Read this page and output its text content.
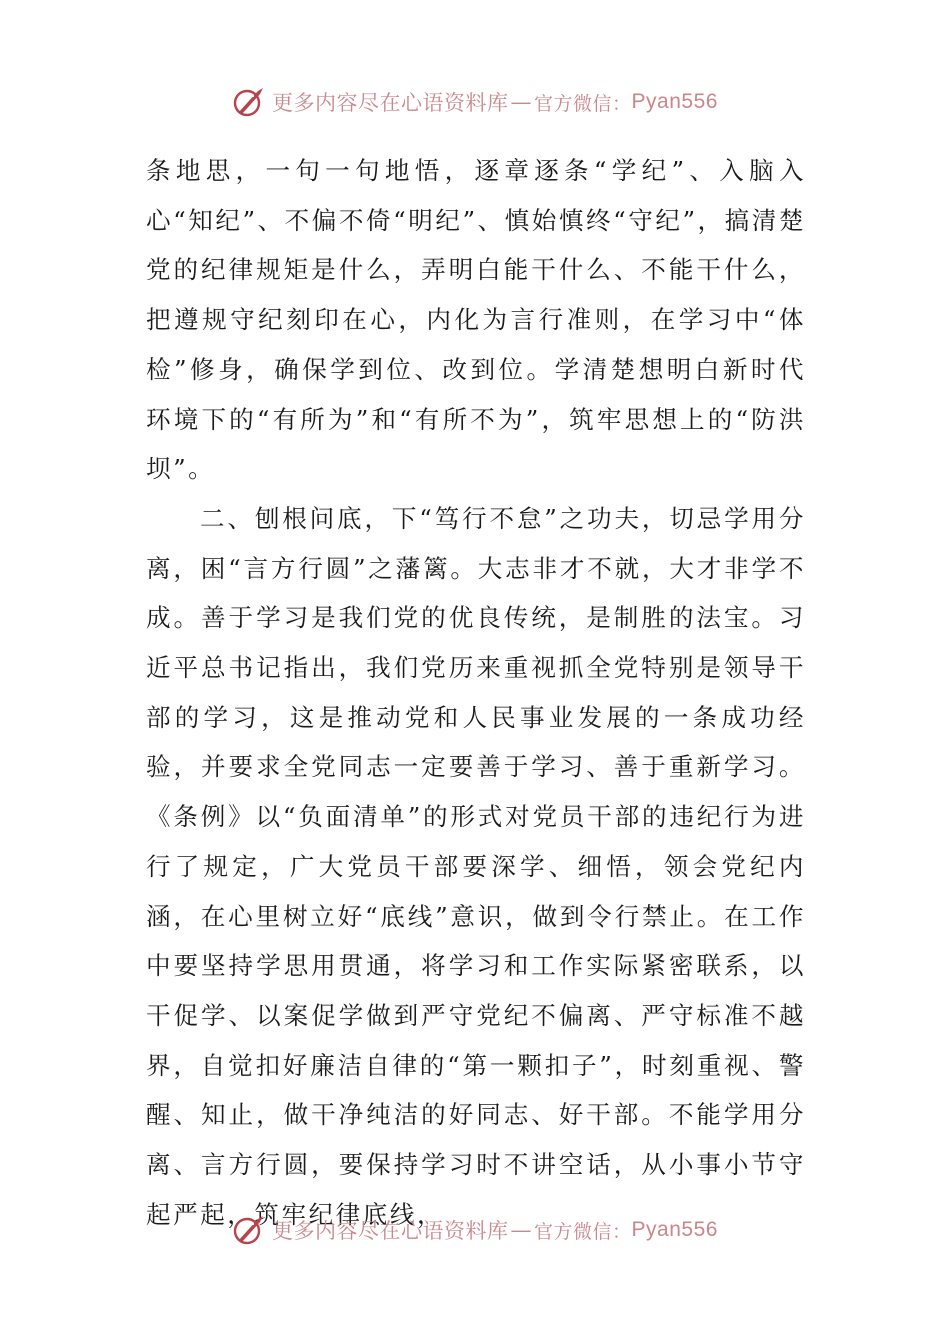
更多内容尽在心语资料库 — 官方微信： Pyan556

条地思，一句一句地悟，逐章逐条“学纪”、入脑入心“知纪”、不偏不倚“明纪”、慎始慎终“守纪”，搞清楚党的纪律规矩是什么，弄明白能干什么、不能干什么，把遵规守纪刻印在心，内化为言行准则，在学习中“体检”修身，确保学到位、改到位。学清楚想明白新时代环境下的“有所为”和“有所不为”，筑牢思想上的“防洪坝”。

二、刨根问底，下“笃行不怠”之功夫，切忌学用分离，困“言方行圆”之藩篱。大志非才不就，大才非学不成。善于学习是我们党的优良传统，是制胜的法宝。习近平总书记指出，我们党历来重视抓全党特别是领导干部的学习，这是推动党和人民事业发展的一条成功经验，并要求全党同志一定要善于学习、善于重新学习。《条例》以“负面清单”的形式对党员干部的违纪行为进行了规定，广大党员干部要深学、细悟，领会党纪内涵，在心里树立好“底线”意识，做到令行禁止。在工作中要坚持学思用贯通，将学习和工作实际紧密联系，以干促学、以案促学做到严守党纪不偏离、严守标准不越界，自觉扣好廉洁自律的“第一颗扣子”，时刻重视、警醒、知止，做干净纯洁的好同志、好干部。不能学用分离、言方行圆，要保持学习时不讲空话，从小事小节守起严起，筑牢纪律底线，

更多内容尽在心语资料库 — 官方微信： Pyan556
